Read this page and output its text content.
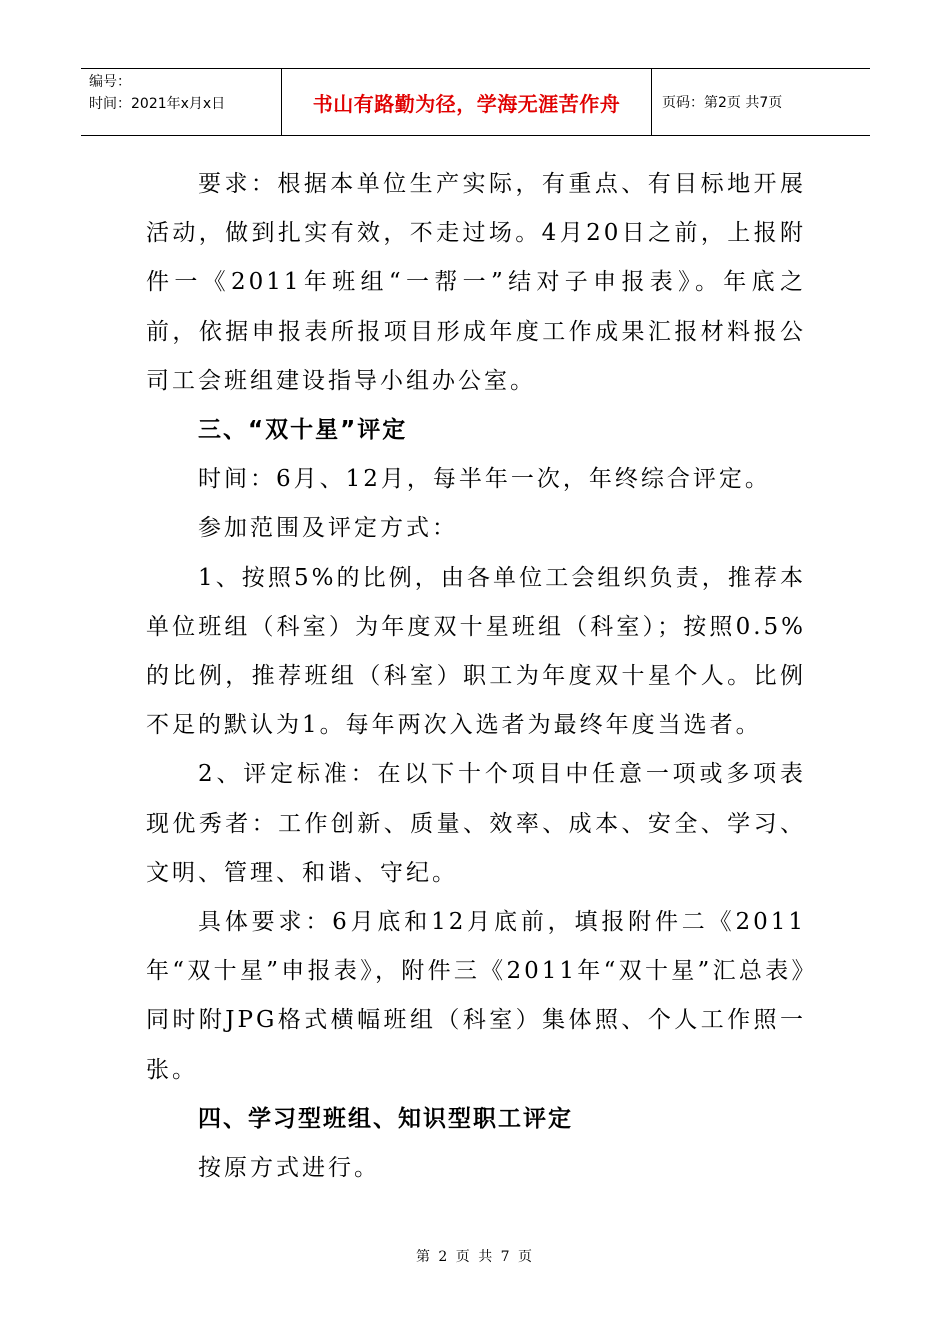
编号：
时间：2021年x月x日	书山有路勤为径，学海无涯苦作舟	页码：第2页 共7页

要求：根据本单位生产实际，有重点、有目标地开展活动，做到扎实有效，不走过场。4月20日之前，上报附件一《2011年班组“一帮一”结对子申报表》。年底之前，依据申报表所报项目形成年度工作成果汇报材料报公司工会班组建设指导小组办公室。

三、“双十星”评定

时间：6月、12月，每半年一次，年终综合评定。

参加范围及评定方式：

1、按照5%的比例，由各单位工会组织负责，推荐本单位班组（科室）为年度双十星班组（科室）；按照0.5%的比例，推荐班组（科室）职工为年度双十星个人。比例不足的默认为1。每年两次入选者为最终年度当选者。

2、评定标准：在以下十个项目中任意一项或多项表现优秀者：工作创新、质量、效率、成本、安全、学习、文明、管理、和谐、守纪。

具体要求：6月底和12月底前，填报附件二《2011年“双十星”申报表》，附件三《2011年“双十星”汇总表》同时附JPG格式横幅班组（科室）集体照、个人工作照一张。

四、学习型班组、知识型职工评定

按原方式进行。

第 2 页 共 7 页
